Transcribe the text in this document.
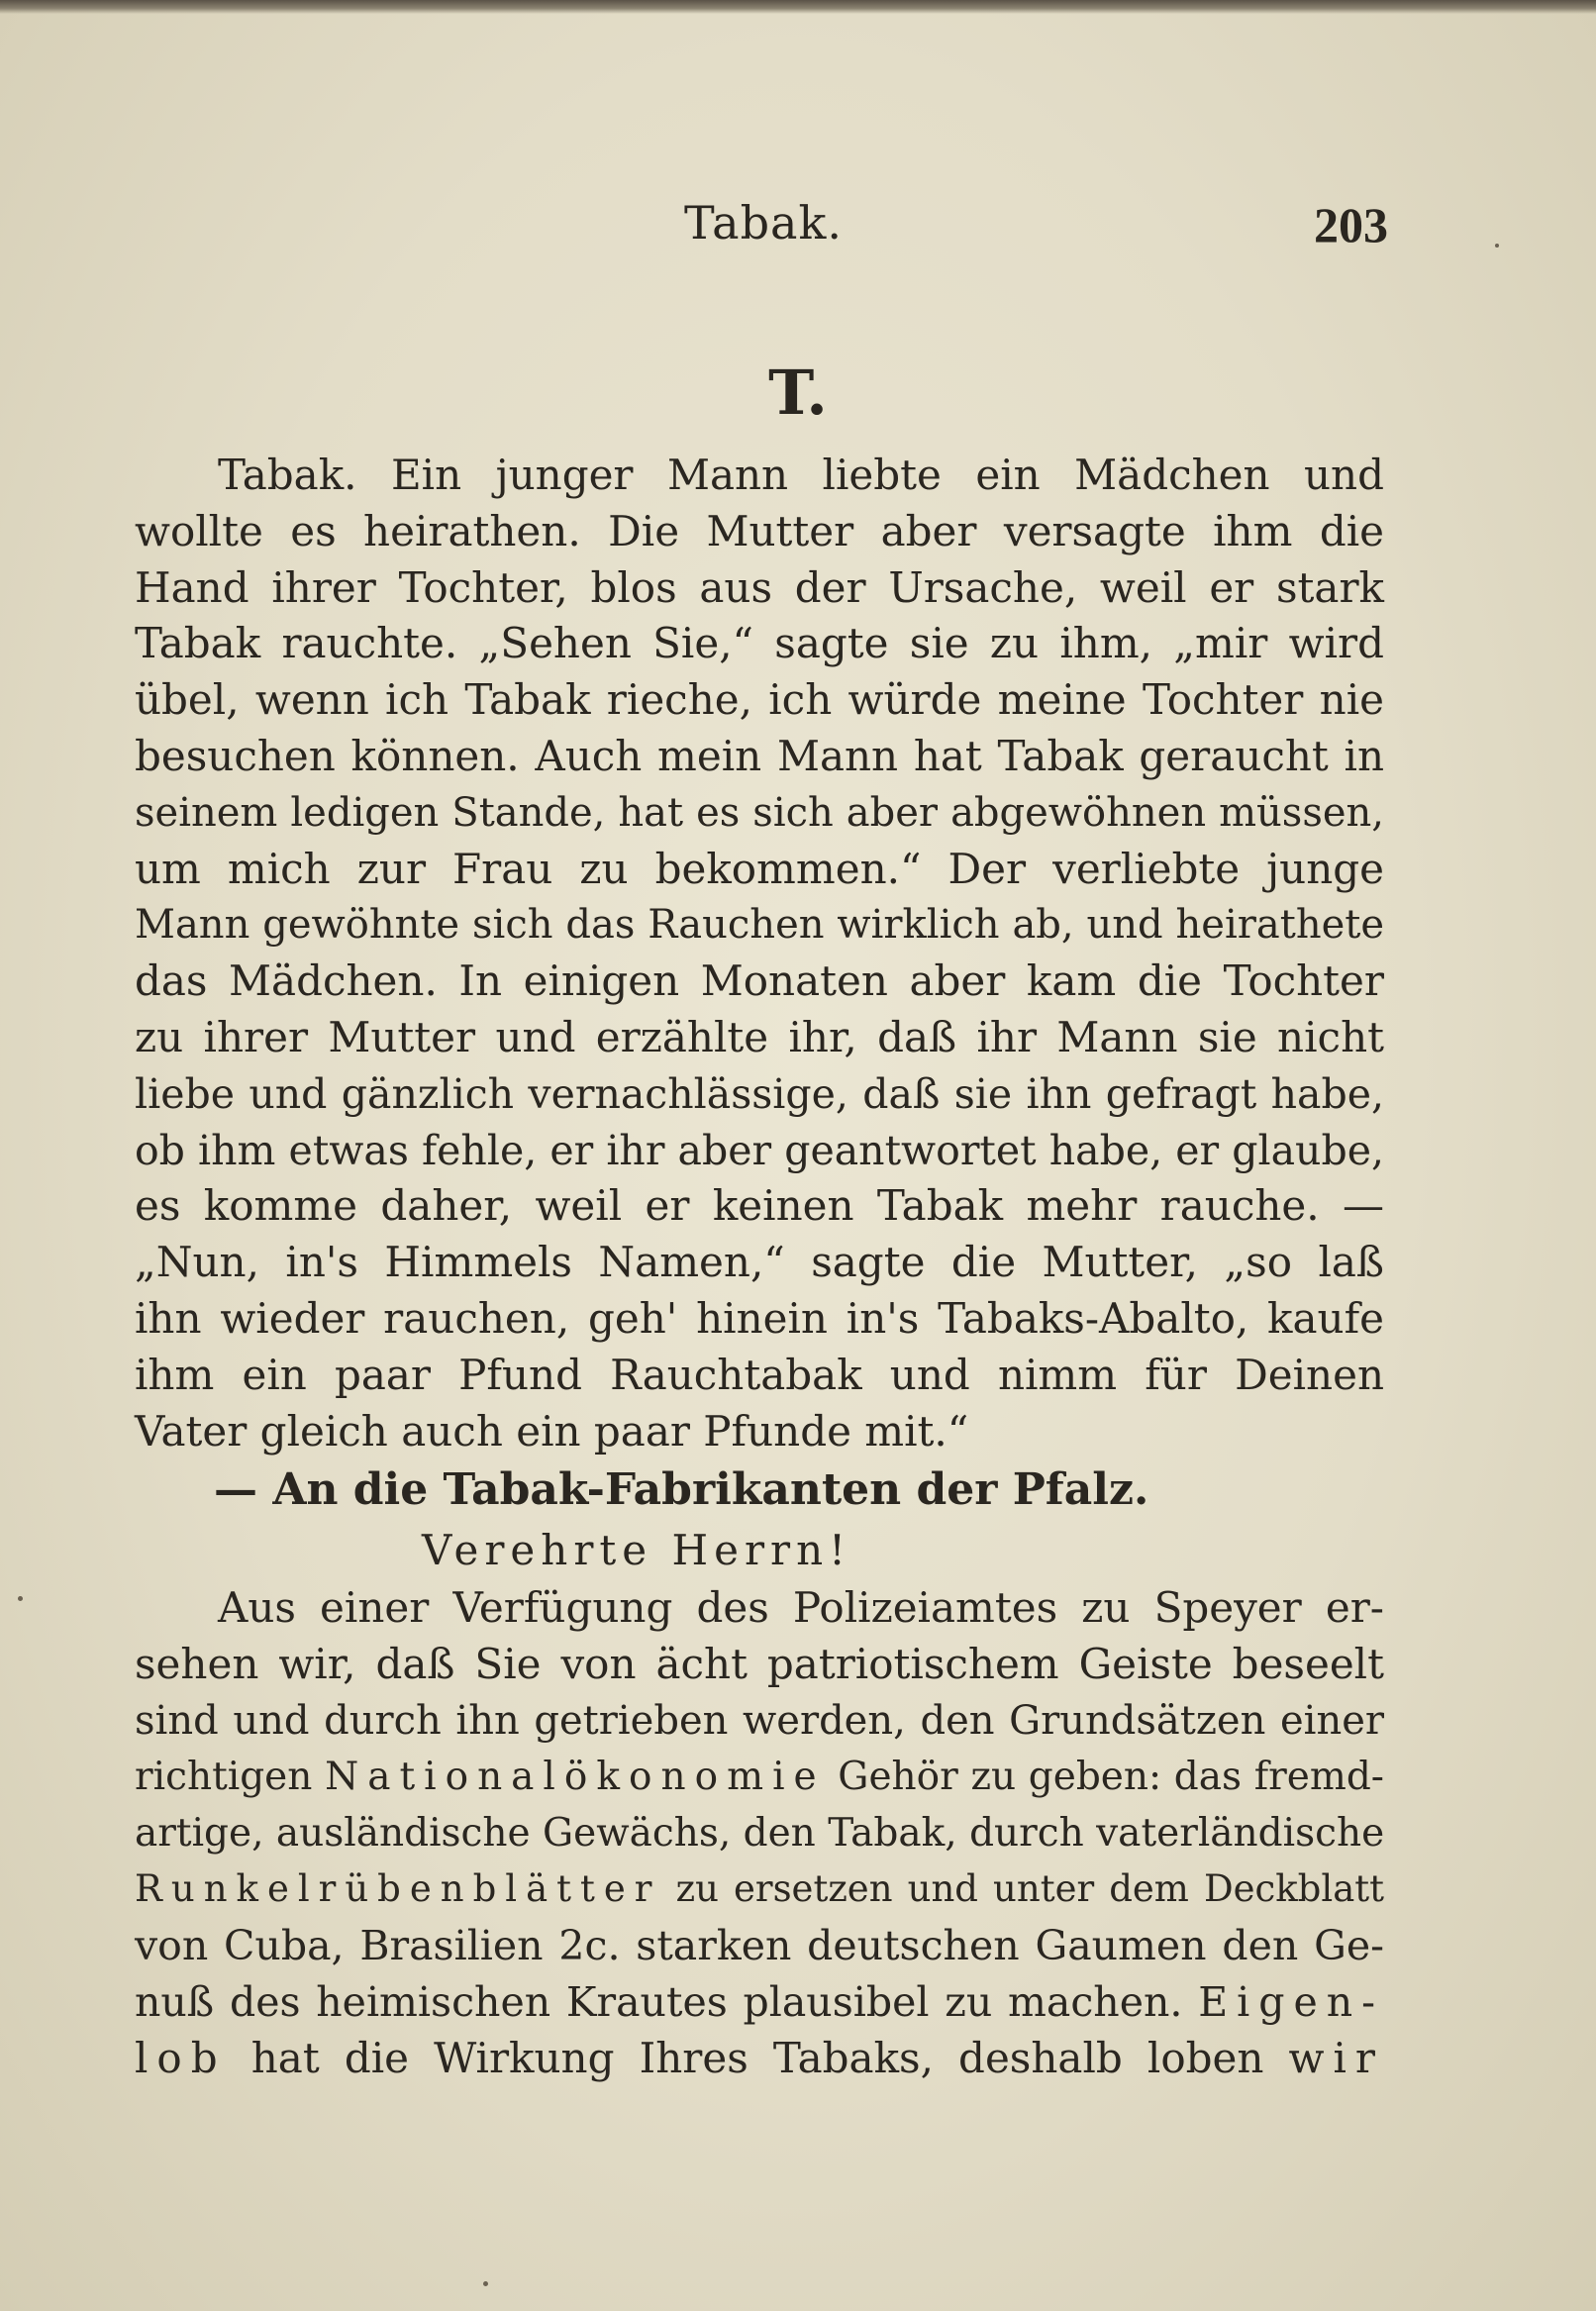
Tabak.	203
T.
Tabak. Ein junger Mann liebte ein Mädchen und
wollte es heirathen. Die Mutter aber versagte ihm die
Hand ihrer Tochter, blos aus der Ursache, weil er stark
Tabak rauchte. „Sehen Sie,“ sagte sie zu ihm, „mir wird
übel, wenn ich Tabak rieche, ich würde meine Tochter nie
besuchen können. Auch mein Mann hat Tabak geraucht in
seinem ledigen Stande, hat es sich aber abgewöhnen müssen,
um mich zur Frau zu bekommen.“ Der verliebte junge
Mann gewöhnte sich das Rauchen wirklich ab, und heirathete
das Mädchen. In einigen Monaten aber kam die Tochter
zu ihrer Mutter und erzählte ihr, daß ihr Mann sie nicht
liebe und gänzlich vernachlässige, daß sie ihn gefragt habe,
ob ihm etwas fehle, er ihr aber geantwortet habe, er glaube,
es komme daher, weil er keinen Tabak mehr rauche. —
„Nun, in's Himmels Namen,“ sagte die Mutter, „so laß
ihn wieder rauchen, geh' hinein in's Tabaks-Abalto, kaufe
ihm ein paar Pfund Rauchtabak und nimm für Deinen
Vater gleich auch ein paar Pfunde mit.“
— An die Tabak-Fabrikanten der Pfalz.
Verehrte Herrn!
Aus einer Verfügung des Polizeiamtes zu Speyer er-
sehen wir, daß Sie von ächt patriotischem Geiste beseelt
sind und durch ihn getrieben werden, den Grundsätzen einer
richtigen Nationalökonomie Gehör zu geben: das fremd-
artige, ausländische Gewächs, den Tabak, durch vaterländische
Runkelrübenblätter zu ersetzen und unter dem Deckblatt
von Cuba, Brasilien 2c. starken deutschen Gaumen den Ge-
nuß des heimischen Krautes plausibel zu machen. Eigen-
lob hat die Wirkung Ihres Tabaks, deshalb loben wir
